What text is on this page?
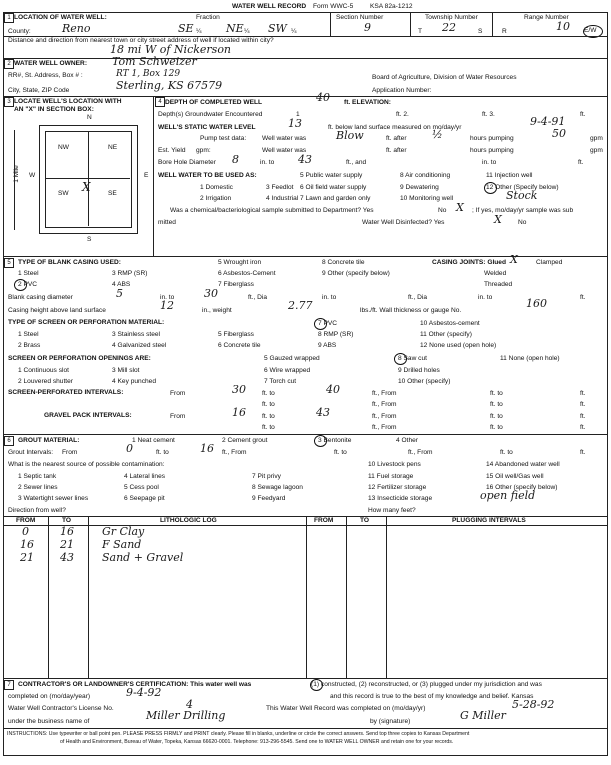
WATER WELL RECORD Form WWC-5	KSA 82a-1212
1 LOCATION OF WATER WELL:
County:	Reno
Fraction
SE ¼ NE ¼ SW ¼
Section Number
9
Township Number
T 22	S
Range Number
R	10 E/W
Distance and direction from nearest town or city street address of well if located within city?
18 mi W of Nickerson
2 WATER WELL OWNER: Tom Schweizer
RR#, St. Address, Box # :	RT 1, Box 129	Board of Agriculture, Division of Water Resources
City, State, ZIP Code	Sterling, KS 67579	Application Number:
3 LOCATE WELL'S LOCATION WITH
AN "X" IN SECTION BOX:
N
S
W	E
1 Mile
NW	NE
SW	SE
X
4 DEPTH OF COMPLETED WELL	40 ft. ELEVATION:
Depth(s) Groundwater Encountered	1	ft. 2.	ft. 3.	ft.
WELL'S STATIC WATER LEVEL	13	ft. below land surface measured on mo/day/yr	9-4-91
Pump test data: Well water was	Blow	ft. after ½	hours pumping	50	gpm
Est. Yield gpm:	Well water was	ft. after	hours pumping	gpm
Bore Hole Diameter 8	in. to 43	ft., and	in. to	ft.
WELL WATER TO BE USED AS:
1 Domestic
2 Irrigation
3 Feedlot
4 Industrial
5 Public water supply
6 Oil field water supply
7 Lawn and garden only
8 Air conditioning
9 Dewatering
10 Monitoring well
11 Injection well
12 Other (Specify below)
Stock
Was a chemical/bacteriological sample submitted to Department? Yes	No X ; If yes, mo/day/yr sample was sub
mitted	Water Well Disinfected? Yes	X No
5	TYPE OF BLANK CASING USED:
1 Steel
2 PVC
3 RMP (SR)
4 ABS
5 Wrought iron
6 Asbestos-Cement
7 Fiberglass
8 Concrete tile
9 Other (specify below)
CASING JOINTS: Glued X	Clamped
Welded
Threaded
Blank casing diameter	5	in. to	30	ft., Dia	in. to	ft., Dia	in. to	ft.
Casing height above land surface	12	in., weight	2.77	lbs./ft. Wall thickness or gauge No.
160
TYPE OF SCREEN OR PERFORATION MATERIAL:
1 Steel
2 Brass
3 Stainless steel
4 Galvanized steel
5 Fiberglass
6 Concrete tile
7 PVC
8 RMP (SR)
9 ABS
10 Asbestos-cement
11 Other (specify)
12 None used (open hole)
SCREEN OR PERFORATION OPENINGS ARE:
1 Continuous slot
2 Louvered shutter
3 Mill slot
4 Key punched
5 Gauzed wrapped
6 Wire wrapped
7 Torch cut
8 Saw cut
9 Drilled holes
10 Other (specify)
11 None (open hole)
SCREEN-PERFORATED INTERVALS:	From	30 ft. to	40	ft., From	ft. to	ft.
ft. to	ft., From	ft. to	ft.
GRAVEL PACK INTERVALS:	From	16 ft. to	43	ft., From	ft. to	ft.
ft. to	ft., From	ft. to	ft.
6	GROUT MATERIAL:	1 Neat cement	2 Cement grout	3 Bentonite	4 Other
Grout Intervals: From	0	ft. to	16 ft., From	ft. to	ft., From	ft. to	ft.
What is the nearest source of possible contamination:
1 Septic tank
2 Sewer lines
3 Watertight sewer lines
4 Lateral lines
5 Cess pool
6 Seepage pit
7 Pit privy
8 Sewage lagoon
9 Feedyard
10 Livestock pens
11 Fuel storage
12 Fertilizer storage
13 Insecticide storage
14 Abandoned water well
15 Oil well/Gas well
16 Other (specify below)
open field
Direction from well?	How many feet?
FROM	TO	LITHOLOGIC LOG	FROM	TO	PLUGGING INTERVALS
0	16	Gr Clay
16 21	F Sand
21 43	Sand + Gravel
7	CONTRACTOR'S OR LANDOWNER'S CERTIFICATION: This water well was	(1) constructed, (2) reconstructed, or (3) plugged under my jurisdiction and was
completed on (mo/day/year)	9-4-92	and this record is true to the best of my knowledge and belief. Kansas
Water Well Contractor's License No.	4	This Water Well Record was completed on (mo/day/yr)	5-28-92
under the business name of	Miller Drilling	by (signature)	G Miller
INSTRUCTIONS: Use typewriter or ball point pen. PLEASE PRESS FIRMLY and PRINT clearly. Please fill in blanks, underline or circle the correct answers. Send top three copies to Kansas Department
of Health and Environment, Bureau of Water, Topeka, Kansas 66620-0001. Telephone: 913-296-5545. Send one to WATER WELL OWNER and retain one for your records.
